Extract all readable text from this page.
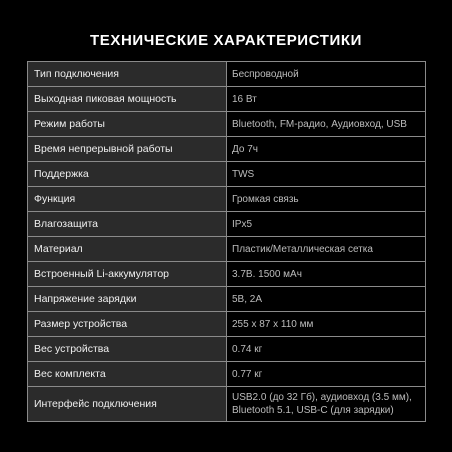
ТЕХНИЧЕСКИЕ ХАРАКТЕРИСТИКИ
Тип подключения	Беспроводной
Выходная пиковая мощность	16 Вт
Режим работы	Bluetooth, FM-радио, Аудиовход, USB
Время непрерывной работы	До 7ч
Поддержка	TWS
Функция	Громкая связь
Влагозащита	IPx5
Материал	Пластик/Металлическая сетка
Встроенный Li-аккумулятор	3.7В. 1500 мАч
Напряжение зарядки	5В, 2А
Размер устройства	255 x 87 x 110 мм
Вес устройства	0.74 кг
Вес комплекта	0.77 кг
Интерфейс подключения	USB2.0 (до 32 Гб), аудиовход (3.5 мм), Bluetooth 5.1, USB-C (для зарядки)
